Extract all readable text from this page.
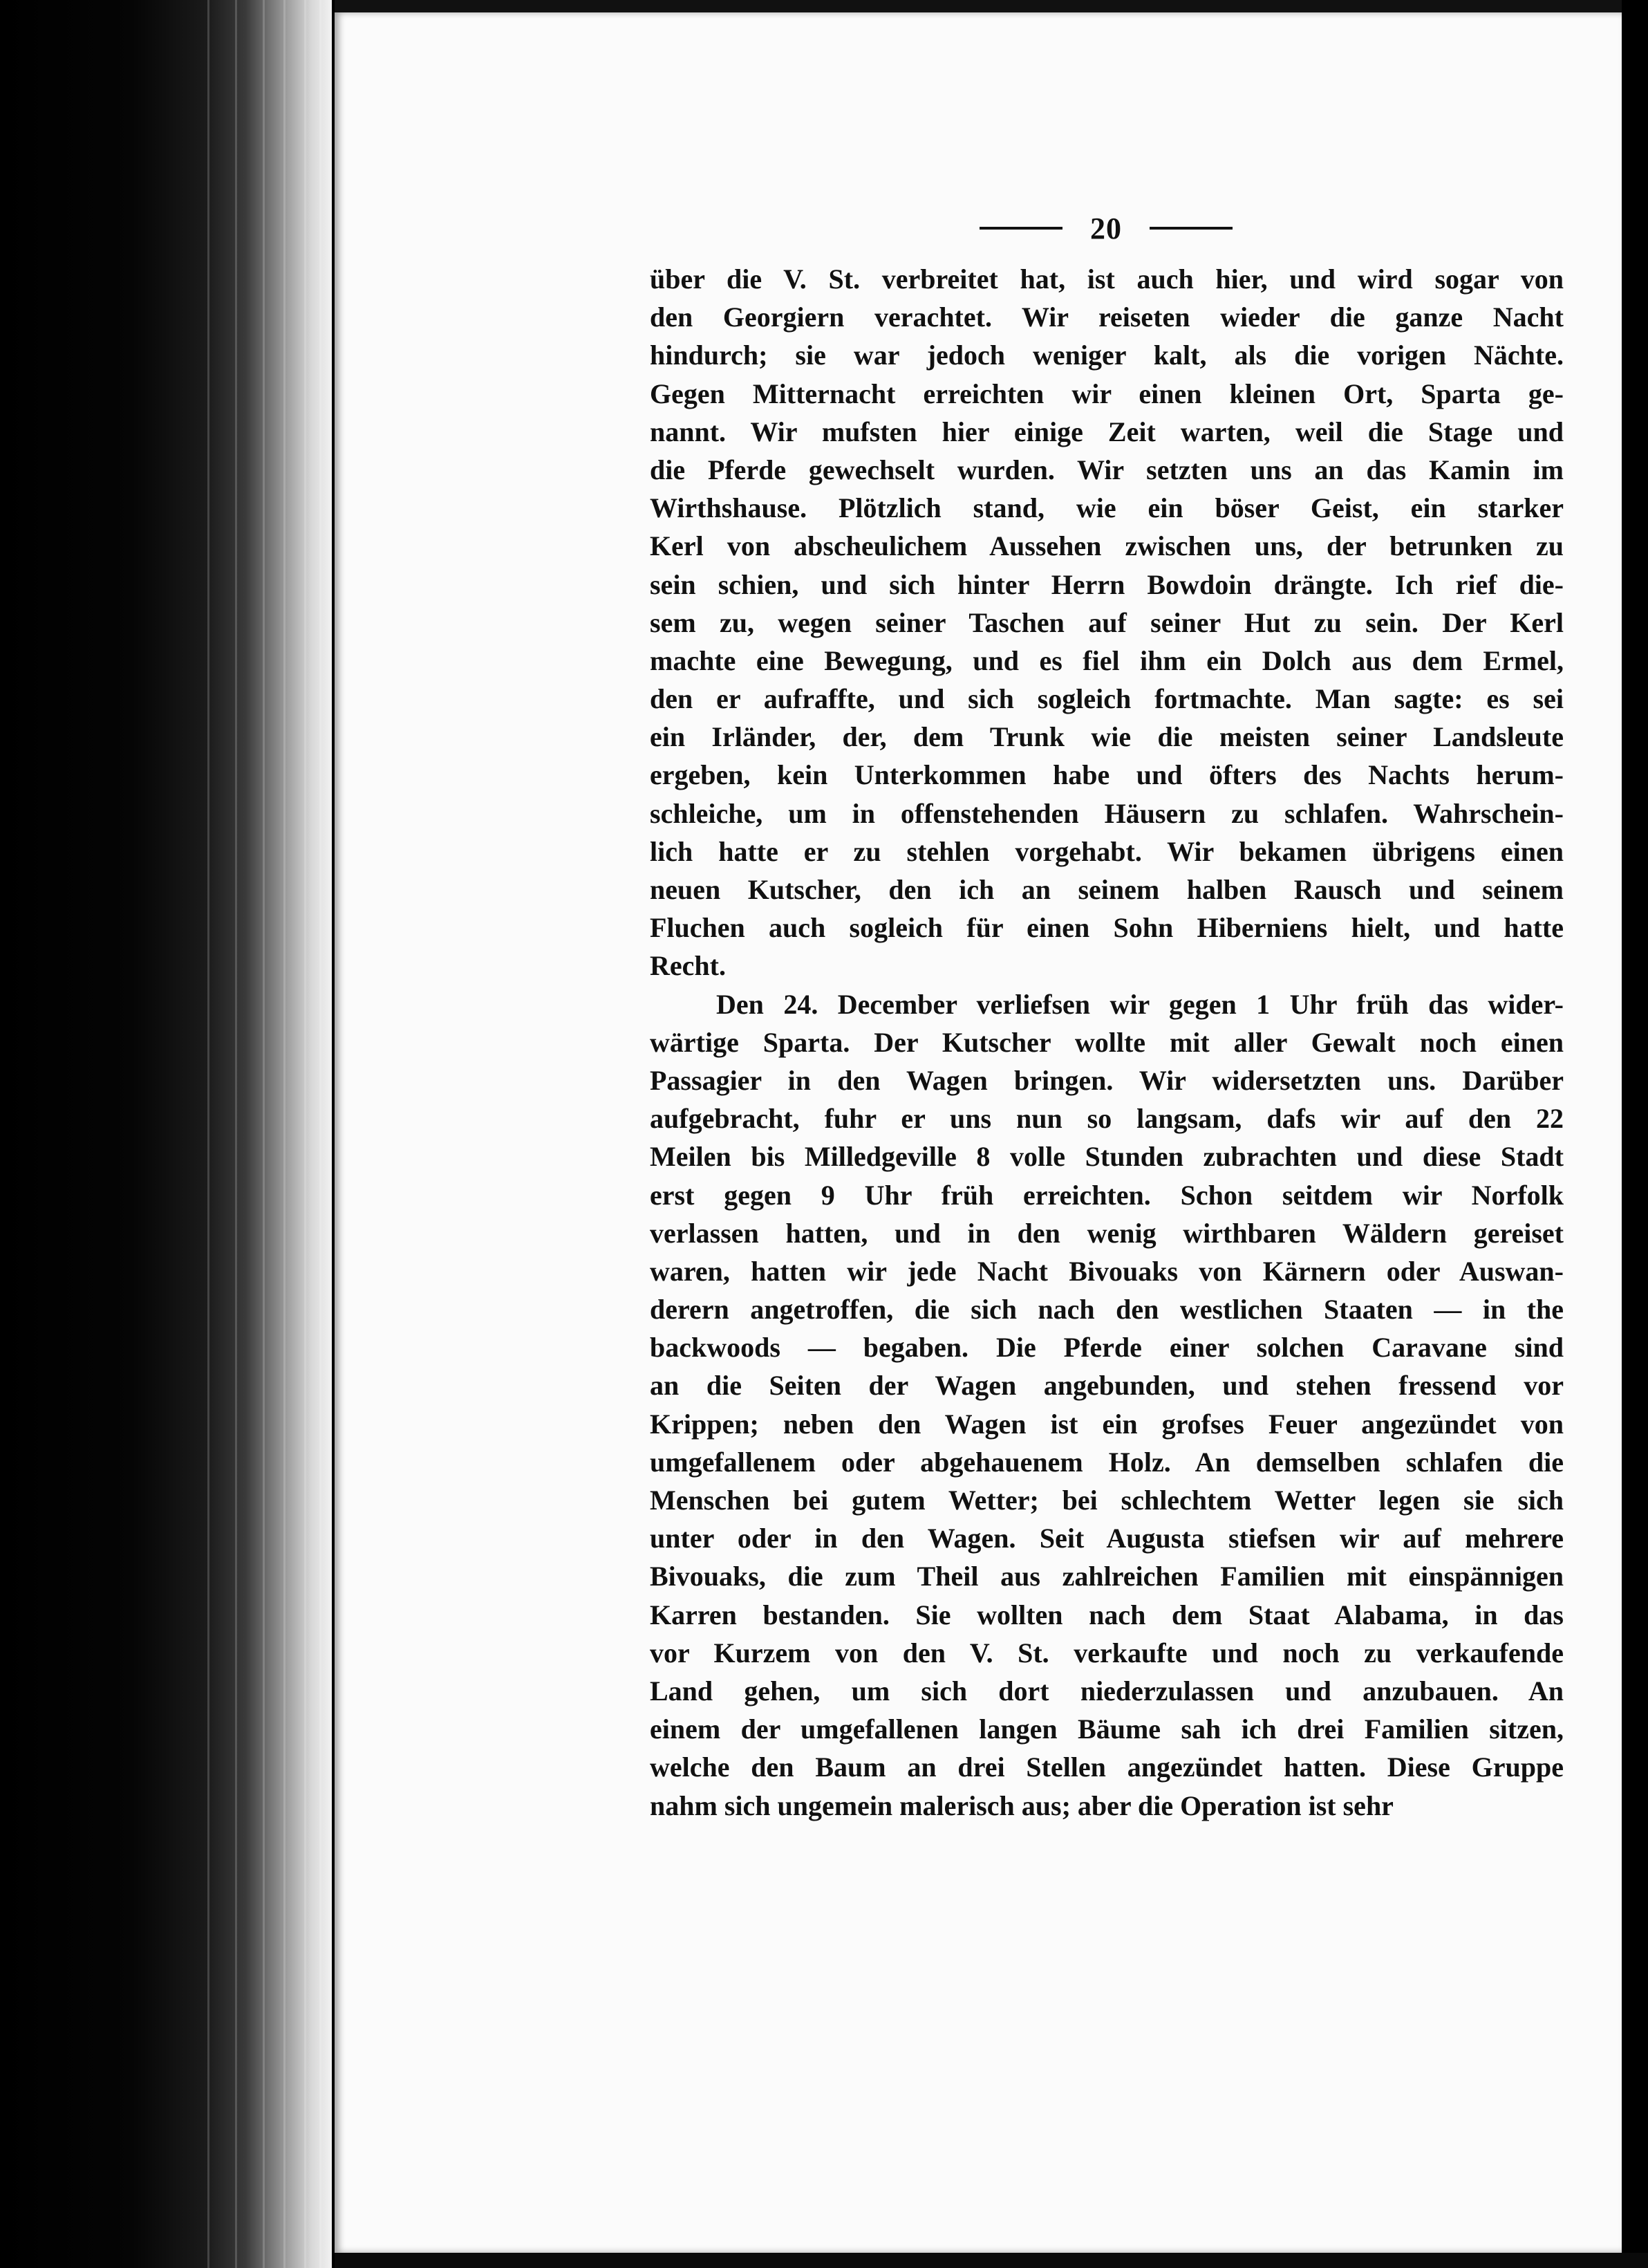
20
über die V. St. verbreitet hat, ist auch hier, und wird sogar von
den Georgiern verachtet. Wir reiseten wieder die ganze Nacht
hindurch; sie war jedoch weniger kalt, als die vorigen Nächte.
Gegen Mitternacht erreichten wir einen kleinen Ort, Sparta ge-
nannt. Wir mufsten hier einige Zeit warten, weil die Stage und
die Pferde gewechselt wurden. Wir setzten uns an das Kamin im
Wirthshause. Plötzlich stand, wie ein böser Geist, ein starker
Kerl von abscheulichem Aussehen zwischen uns, der betrunken zu
sein schien, und sich hinter Herrn Bowdoin drängte. Ich rief die-
sem zu, wegen seiner Taschen auf seiner Hut zu sein. Der Kerl
machte eine Bewegung, und es fiel ihm ein Dolch aus dem Ermel,
den er aufraffte, und sich sogleich fortmachte. Man sagte: es sei
ein Irländer, der, dem Trunk wie die meisten seiner Landsleute
ergeben, kein Unterkommen habe und öfters des Nachts herum-
schleiche, um in offenstehenden Häusern zu schlafen. Wahrschein-
lich hatte er zu stehlen vorgehabt. Wir bekamen übrigens einen
neuen Kutscher, den ich an seinem halben Rausch und seinem
Fluchen auch sogleich für einen Sohn Hiberniens hielt, und hatte
Recht.
Den 24. December verliefsen wir gegen 1 Uhr früh das wider-
wärtige Sparta. Der Kutscher wollte mit aller Gewalt noch einen
Passagier in den Wagen bringen. Wir widersetzten uns. Darüber
aufgebracht, fuhr er uns nun so langsam, dafs wir auf den 22
Meilen bis Milledgeville 8 volle Stunden zubrachten und diese Stadt
erst gegen 9 Uhr früh erreichten. Schon seitdem wir Norfolk
verlassen hatten, und in den wenig wirthbaren Wäldern gereiset
waren, hatten wir jede Nacht Bivouaks von Kärnern oder Auswan-
derern angetroffen, die sich nach den westlichen Staaten — in the
backwoods — begaben. Die Pferde einer solchen Caravane sind
an die Seiten der Wagen angebunden, und stehen fressend vor
Krippen; neben den Wagen ist ein grofses Feuer angezündet von
umgefallenem oder abgehauenem Holz. An demselben schlafen die
Menschen bei gutem Wetter; bei schlechtem Wetter legen sie sich
unter oder in den Wagen. Seit Augusta stiefsen wir auf mehrere
Bivouaks, die zum Theil aus zahlreichen Familien mit einspännigen
Karren bestanden. Sie wollten nach dem Staat Alabama, in das
vor Kurzem von den V. St. verkaufte und noch zu verkaufende
Land gehen, um sich dort niederzulassen und anzubauen. An
einem der umgefallenen langen Bäume sah ich drei Familien sitzen,
welche den Baum an drei Stellen angezündet hatten. Diese Gruppe
nahm sich ungemein malerisch aus; aber die Operation ist sehr
